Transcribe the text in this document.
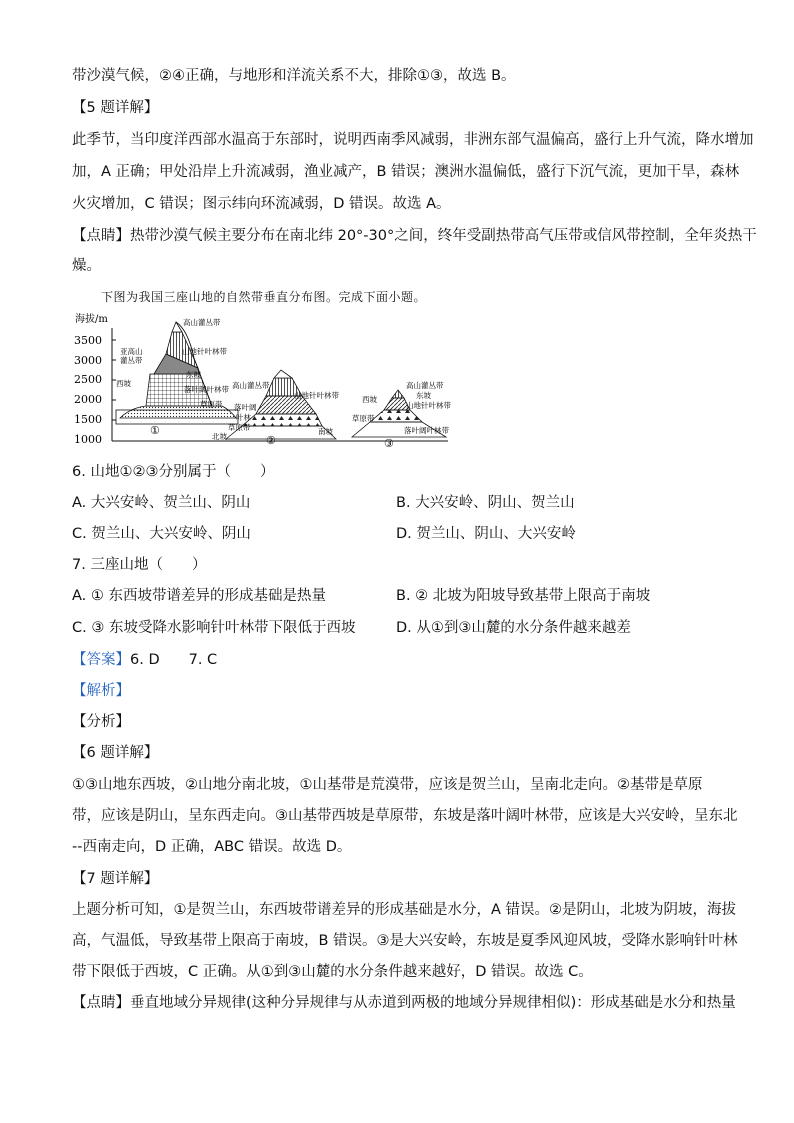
带沙漠气候，②④正确，与地形和洋流关系不大，排除①③，故选 B。
【5 题详解】
此季节，当印度洋西部水温高于东部时，说明西南季风减弱，非洲东部气温偏高，盛行上升气流，降水增加
加，A 正确；甲处沿岸上升流减弱，渔业减产，B 错误；澳洲水温偏低，盛行下沉气流，更加干旱，森林
火灾增加，C 错误；图示纬向环流减弱，D 错误。故选 A。
【点睛】热带沙漠气候主要分布在南北纬 20°-30°之间，终年受副热带高气压带或信风带控制，全年炎热干
燥。
下图为我国三座山地的自然带垂直分布图。完成下面小题。
海拔/m
3500
3000
2500
2000
1500
1000
高山灌丛带
亚高山
灌丛带
山地针叶林带
东坡
西坡
落叶阔叶林带
草原带
①
高山灌丛带
山地针叶林带
落叶阔
叶林
草原带
北坡
南坡
②
高山灌丛带
东坡
山地针叶林带
西坡
草原带
落叶阔叶林带
③
6. 山地①②③分别属于（　　）
A. 大兴安岭、贺兰山、阴山	B. 大兴安岭、阴山、贺兰山
C. 贺兰山、大兴安岭、阴山	D. 贺兰山、阴山、大兴安岭
7. 三座山地（　　）
A. ① 东西坡带谱差异的形成基础是热量	B. ② 北坡为阳坡导致基带上限高于南坡
C. ③ 东坡受降水影响针叶林带下限低于西坡	D. 从①到③山麓的水分条件越来越差
【答案】6. D　　7. C
【解析】
【分析】
【6 题详解】
①③山地东西坡，②山地分南北坡，①山基带是荒漠带，应该是贺兰山，呈南北走向。②基带是草原
带，应该是阴山，呈东西走向。③山基带西坡是草原带，东坡是落叶阔叶林带，应该是大兴安岭，呈东北
--西南走向，D 正确，ABC 错误。故选 D。
【7 题详解】
上题分析可知，①是贺兰山，东西坡带谱差异的形成基础是水分，A 错误。②是阴山，北坡为阴坡，海拔
高，气温低，导致基带上限高于南坡，B 错误。③是大兴安岭，东坡是夏季风迎风坡，受降水影响针叶林
带下限低于西坡，C 正确。从①到③山麓的水分条件越来越好，D 错误。故选 C。
【点睛】垂直地域分异规律(这种分异规律与从赤道到两极的地域分异规律相似)：形成基础是水分和热量
